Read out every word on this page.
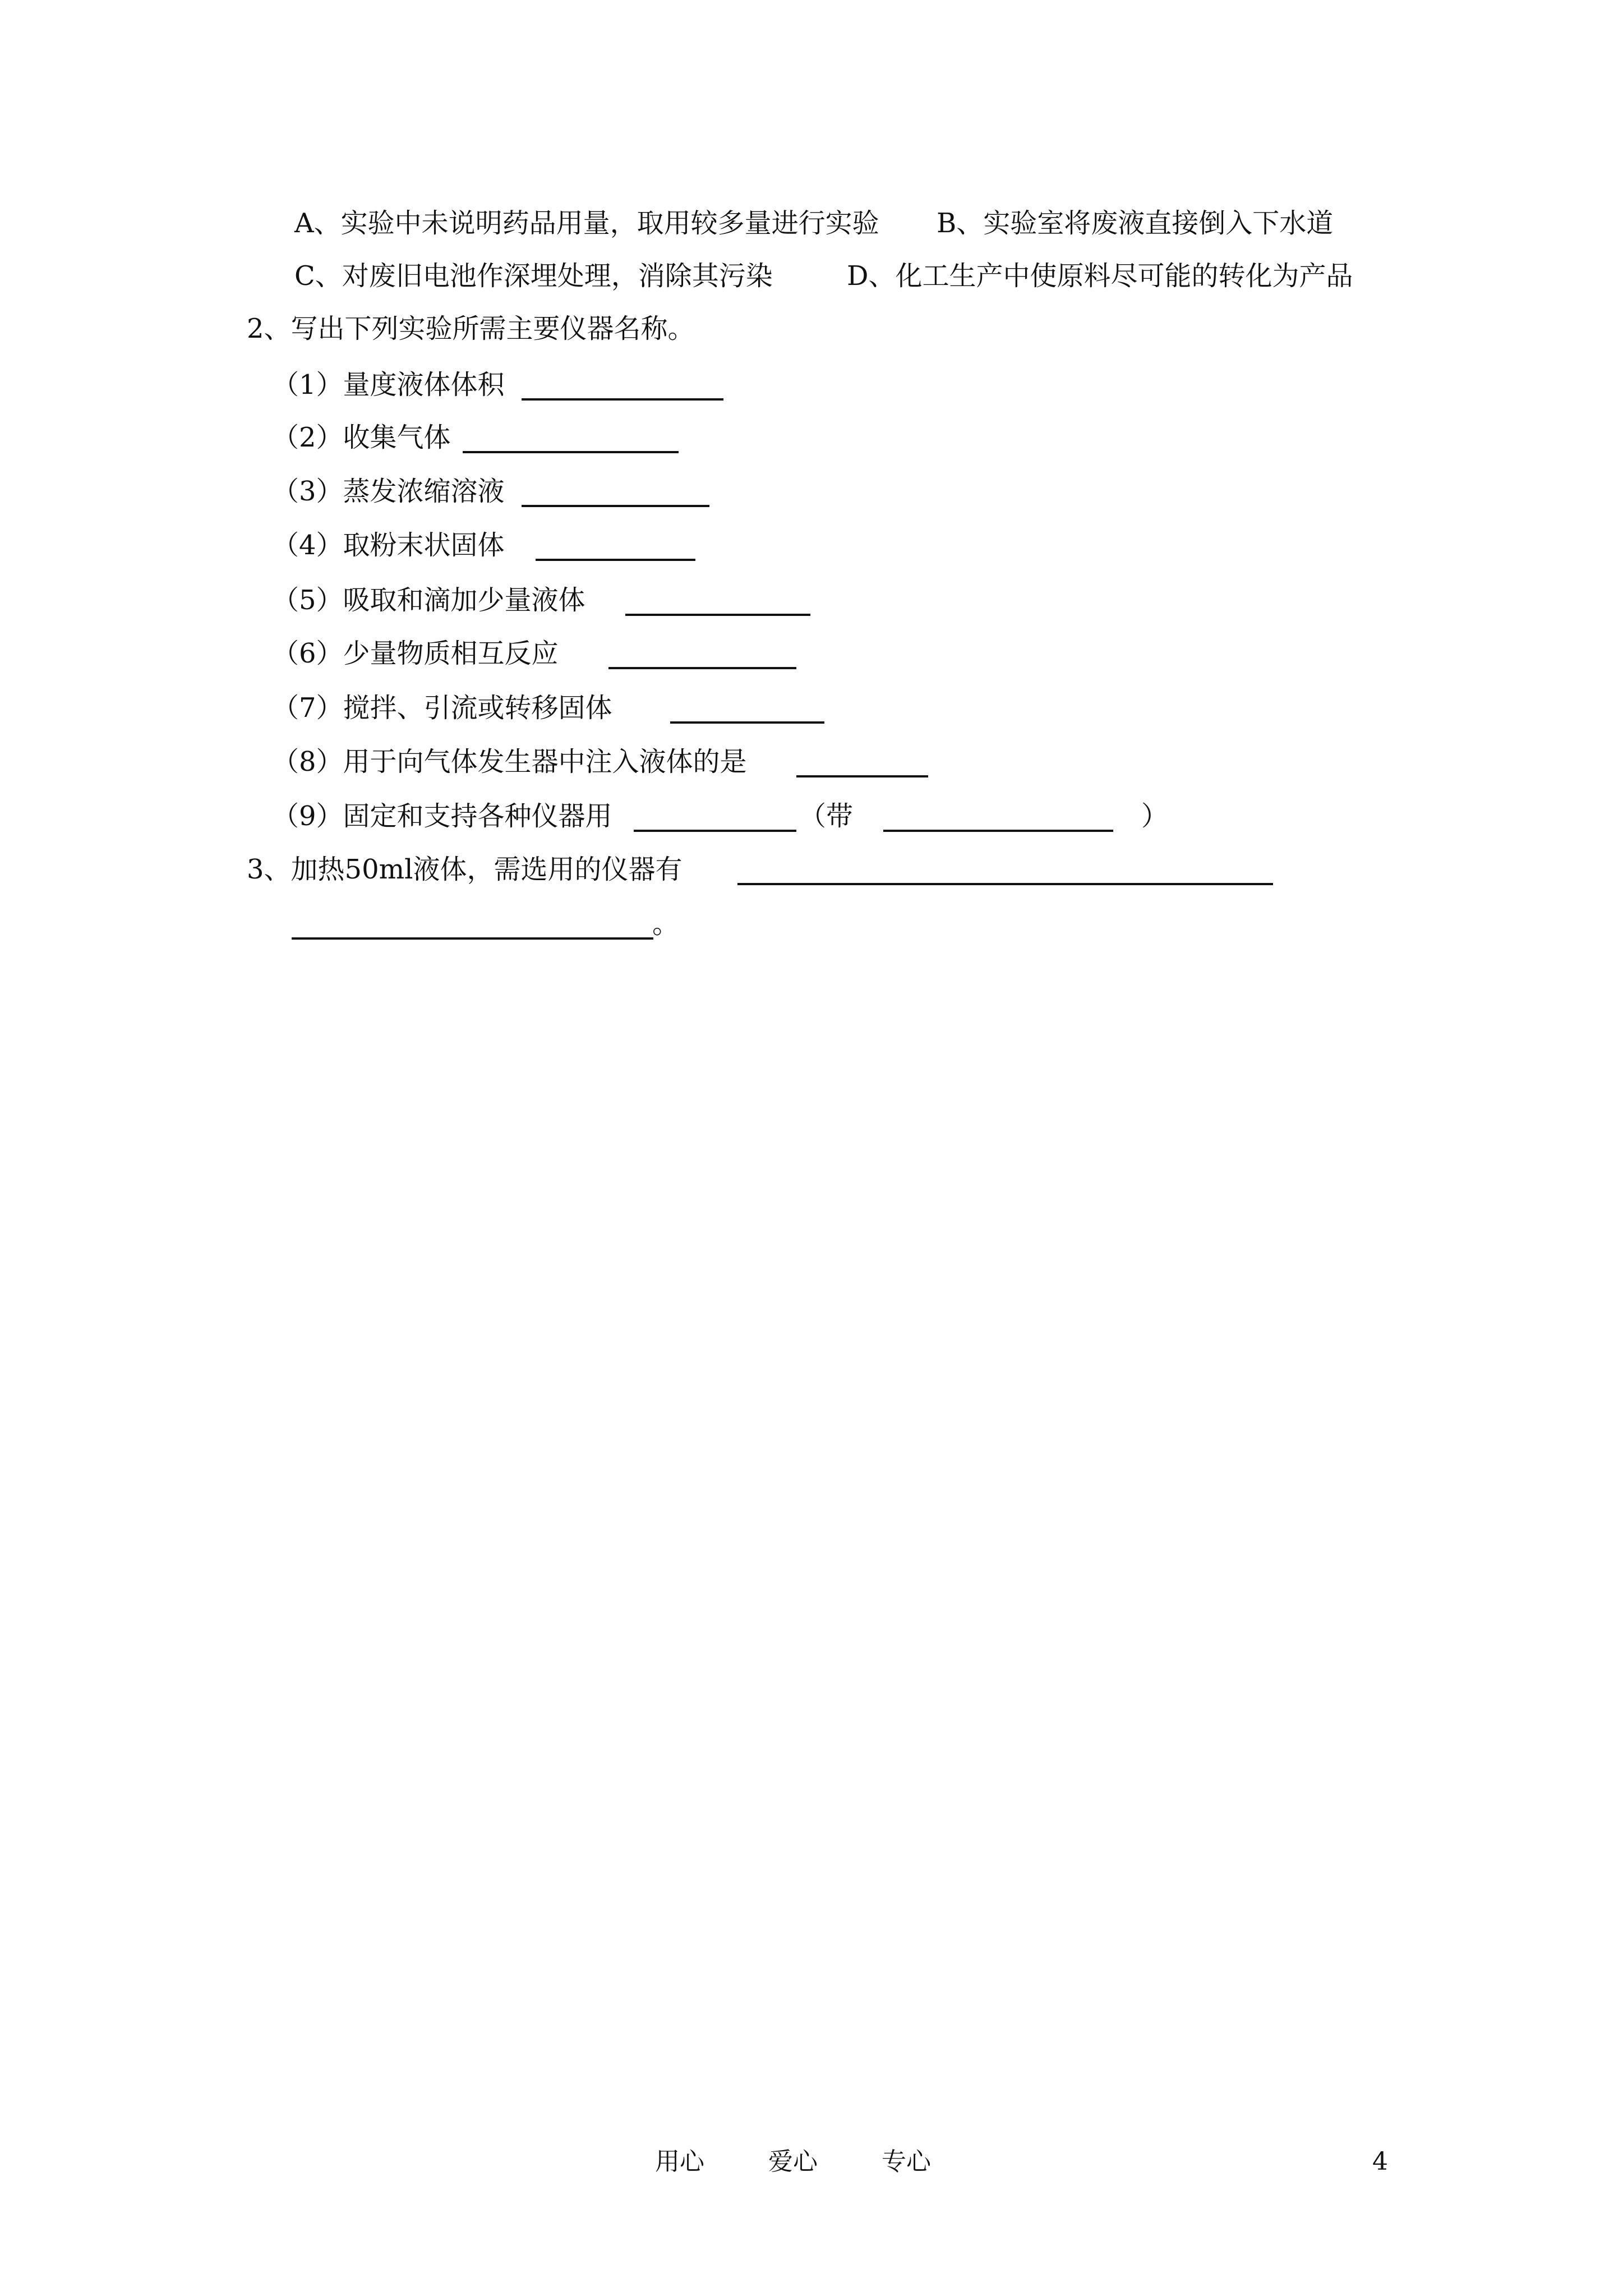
A、实验中未说明药品用量，取用较多量进行实验 B、实验室将废液直接倒入下水道
C、对废旧电池作深埋处理，消除其污染	D、化工生产中使原料尽可能的转化为产品
2、写出下列实验所需主要仪器名称。
（1）量度液体体积
（2）收集气体
（3）蒸发浓缩溶液
（4）取粉末状固体
（5）吸取和滴加少量液体
（6）少量物质相互反应
（7）搅拌、引流或转移固体
（8）用于向气体发生器中注入液体的是
（9）固定和支持各种仪器用	（带	）
3、加热50ml液体，需选用的仪器有
。
用心	爱心	专心	4
